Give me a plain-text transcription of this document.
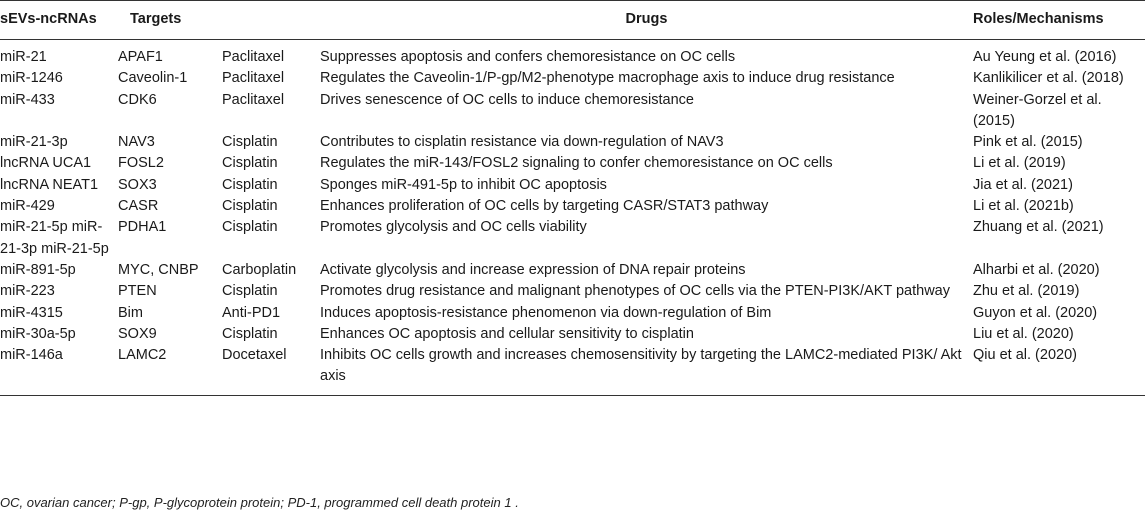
sEVs-ncRNAs	Targets		Drugs	Roles/Mechanisms
miR-21	APAF1	Paclitaxel	Suppresses apoptosis and confers chemoresistance on OC cells	Au Yeung et al. (2016)
miR-1246	Caveolin-1	Paclitaxel	Regulates the Caveolin-1/P-gp/M2-phenotype macrophage axis to induce drug resistance	Kanlikilicer et al. (2018)
miR-433	CDK6	Paclitaxel	Drives senescence of OC cells to induce chemoresistance	Weiner-Gorzel et al. (2015)
miR-21-3p	NAV3	Cisplatin	Contributes to cisplatin resistance via down-regulation of NAV3	Pink et al. (2015)
lncRNA UCA1	FOSL2	Cisplatin	Regulates the miR-143/FOSL2 signaling to confer chemoresistance on OC cells	Li et al. (2019)
lncRNA NEAT1	SOX3	Cisplatin	Sponges miR-491-5p to inhibit OC apoptosis	Jia et al. (2021)
miR-429	CASR	Cisplatin	Enhances proliferation of OC cells by targeting CASR/STAT3 pathway	Li et al. (2021b)
miR-21-5p miR-21-3p miR-21-5p	PDHA1	Cisplatin	Promotes glycolysis and OC cells viability	Zhuang et al. (2021)
miR-891-5p	MYC, CNBP	Carboplatin	Activate glycolysis and increase expression of DNA repair proteins	Alharbi et al. (2020)
miR-223	PTEN	Cisplatin	Promotes drug resistance and malignant phenotypes of OC cells via the PTEN-PI3K/AKT pathway	Zhu et al. (2019)
miR-4315	Bim	Anti-PD1	Induces apoptosis-resistance phenomenon via down-regulation of Bim	Guyon et al. (2020)
miR-30a-5p	SOX9	Cisplatin	Enhances OC apoptosis and cellular sensitivity to cisplatin	Liu et al. (2020)
miR-146a	LAMC2	Docetaxel	Inhibits OC cells growth and increases chemosensitivity by targeting the LAMC2-mediated PI3K/ Akt axis	Qiu et al. (2020)
OC, ovarian cancer; P-gp, P-glycoprotein protein; PD-1, programmed cell death protein 1 .
